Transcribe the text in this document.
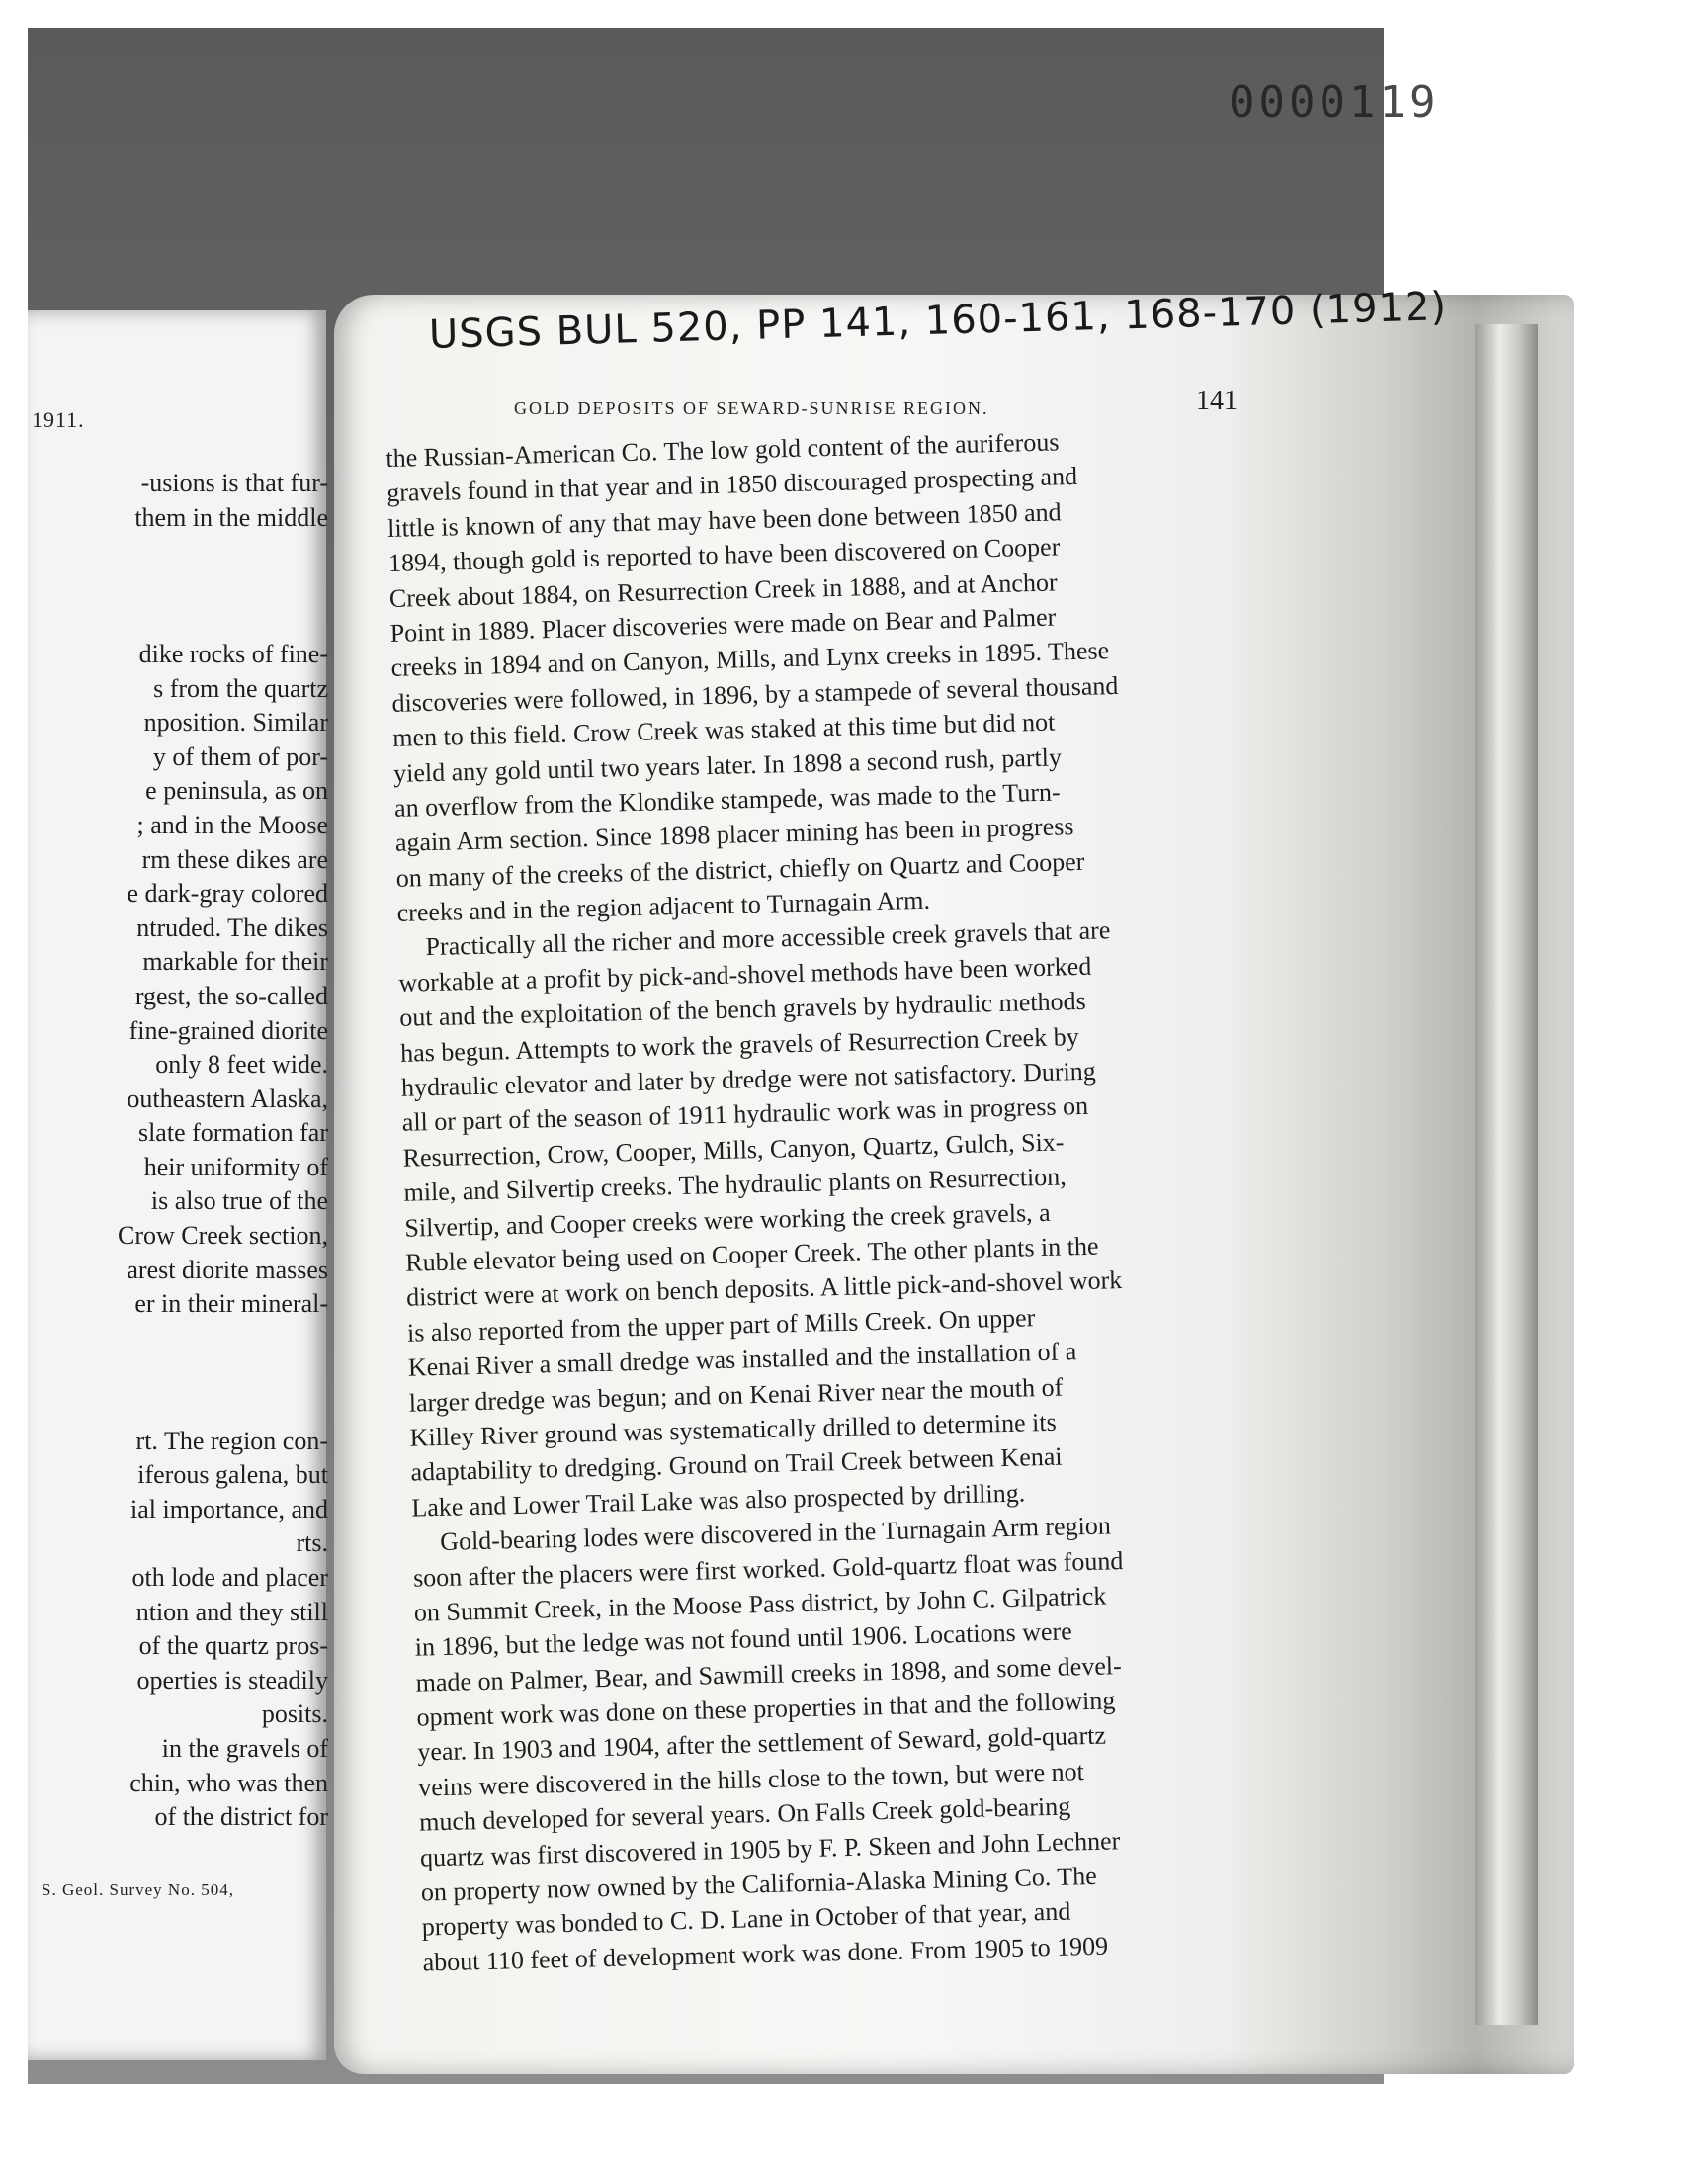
0000119
1911.
-usions is that fur-
them in the middle
dike rocks of fine-
s from the quartz
nposition. Similar
y of them of por-
e peninsula, as on
; and in the Moose
rm these dikes are
e dark-gray colored
ntruded. The dikes
markable for their
rgest, the so-called
fine-grained diorite
only 8 feet wide.
outheastern Alaska,
slate formation far
heir uniformity of
is also true of the
Crow Creek section,
arest diorite masses
er in their mineral-
rt. The region con-
iferous galena, but
ial importance, and
rts.
oth lode and placer
ntion and they still
of the quartz pros-
operties is steadily
posits.
in the gravels of
chin, who was then
of the district for
S. Geol. Survey No. 504,
USGS BUL 520, PP 141, 160-161, 168-170 (1912)
GOLD DEPOSITS OF SEWARD-SUNRISE REGION.	141
the Russian-American Co. The low gold content of the auriferous
gravels found in that year and in 1850 discouraged prospecting and
little is known of any that may have been done between 1850 and
1894, though gold is reported to have been discovered on Cooper
Creek about 1884, on Resurrection Creek in 1888, and at Anchor
Point in 1889. Placer discoveries were made on Bear and Palmer
creeks in 1894 and on Canyon, Mills, and Lynx creeks in 1895. These
discoveries were followed, in 1896, by a stampede of several thousand
men to this field. Crow Creek was staked at this time but did not
yield any gold until two years later. In 1898 a second rush, partly
an overflow from the Klondike stampede, was made to the Turn-
again Arm section. Since 1898 placer mining has been in progress
on many of the creeks of the district, chiefly on Quartz and Cooper
creeks and in the region adjacent to Turnagain Arm.
Practically all the richer and more accessible creek gravels that are
workable at a profit by pick-and-shovel methods have been worked
out and the exploitation of the bench gravels by hydraulic methods
has begun. Attempts to work the gravels of Resurrection Creek by
hydraulic elevator and later by dredge were not satisfactory. During
all or part of the season of 1911 hydraulic work was in progress on
Resurrection, Crow, Cooper, Mills, Canyon, Quartz, Gulch, Six-
mile, and Silvertip creeks. The hydraulic plants on Resurrection,
Silvertip, and Cooper creeks were working the creek gravels, a
Ruble elevator being used on Cooper Creek. The other plants in the
district were at work on bench deposits. A little pick-and-shovel work
is also reported from the upper part of Mills Creek. On upper
Kenai River a small dredge was installed and the installation of a
larger dredge was begun; and on Kenai River near the mouth of
Killey River ground was systematically drilled to determine its
adaptability to dredging. Ground on Trail Creek between Kenai
Lake and Lower Trail Lake was also prospected by drilling.
Gold-bearing lodes were discovered in the Turnagain Arm region
soon after the placers were first worked. Gold-quartz float was found
on Summit Creek, in the Moose Pass district, by John C. Gilpatrick
in 1896, but the ledge was not found until 1906. Locations were
made on Palmer, Bear, and Sawmill creeks in 1898, and some devel-
opment work was done on these properties in that and the following
year. In 1903 and 1904, after the settlement of Seward, gold-quartz
veins were discovered in the hills close to the town, but were not
much developed for several years. On Falls Creek gold-bearing
quartz was first discovered in 1905 by F. P. Skeen and John Lechner
on property now owned by the California-Alaska Mining Co. The
property was bonded to C. D. Lane in October of that year, and
about 110 feet of development work was done. From 1905 to 1909
